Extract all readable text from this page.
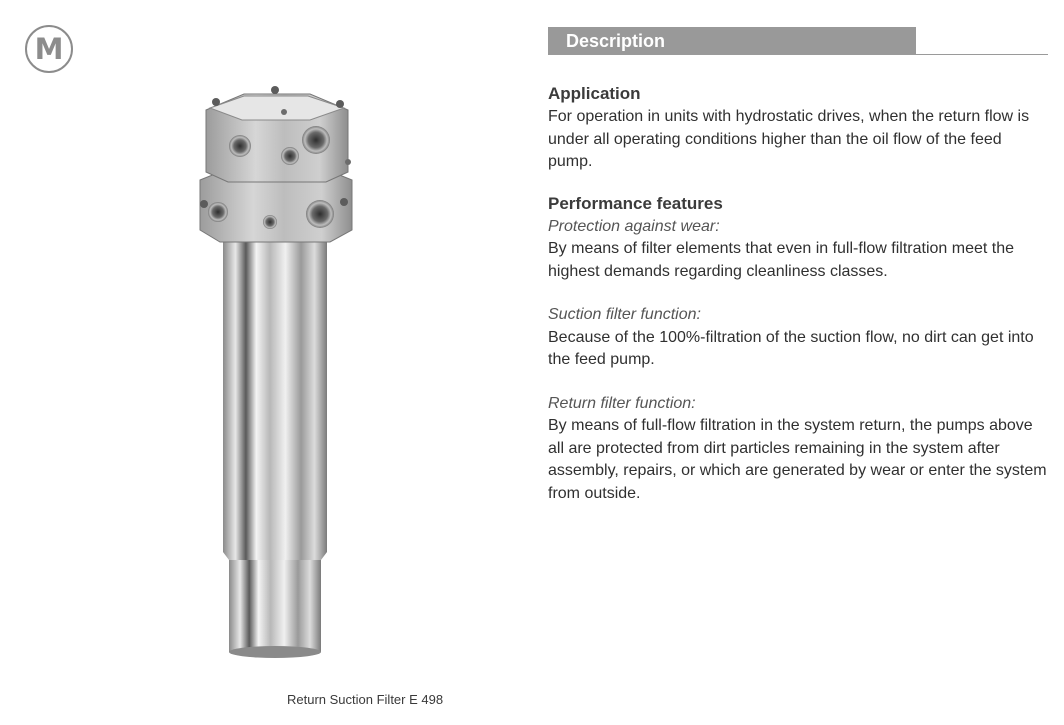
M
Return Suction Filter E 498
Description
Application

For operation in units with hydrostatic drives, when the return flow is under all operating conditions higher than the oil flow of the feed pump.

Performance features
Protection against wear:

By means of filter elements that even in full-flow filtration meet the highest demands regarding cleanliness classes.

Suction filter function:

Because of the 100%-filtration of the suction flow, no dirt can get into the feed pump.

Return filter function:

By means of full-flow filtration in the system return, the pumps above all are protected from dirt particles remaining in the system after assembly, repairs, or which are generated by wear or enter the system from outside.
